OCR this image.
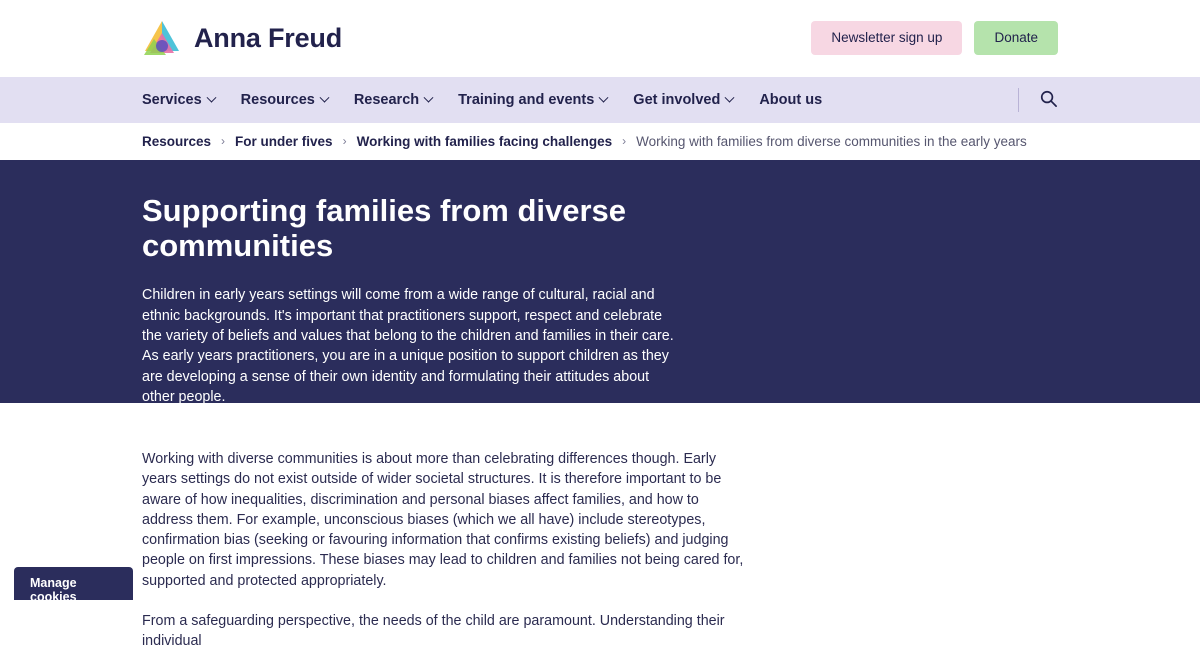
Anna Freud	Newsletter sign up	Donate
Services	Resources	Research	Training and events	Get involved	About us
Resources › For under fives › Working with families facing challenges › Working with families from diverse communities in the early years
Supporting families from diverse communities

Children in early years settings will come from a wide range of cultural, racial and ethnic backgrounds. It's important that practitioners support, respect and celebrate the variety of beliefs and values that belong to the children and families in their care. As early years practitioners, you are in a unique position to support children as they are developing a sense of their own identity and formulating their attitudes about other people.

Working with diverse communities is about more than celebrating differences though. Early years settings do not exist outside of wider societal structures. It is therefore important to be aware of how inequalities, discrimination and personal biases affect families, and how to address them. For example, unconscious biases (which we all have) include stereotypes, confirmation bias (seeking or favouring information that confirms existing beliefs) and judging people on first impressions. These biases may lead to children and families not being cared for, supported and protected appropriately.

From a safeguarding perspective, the needs of the child are paramount. Understanding their individual

Manage cookies
